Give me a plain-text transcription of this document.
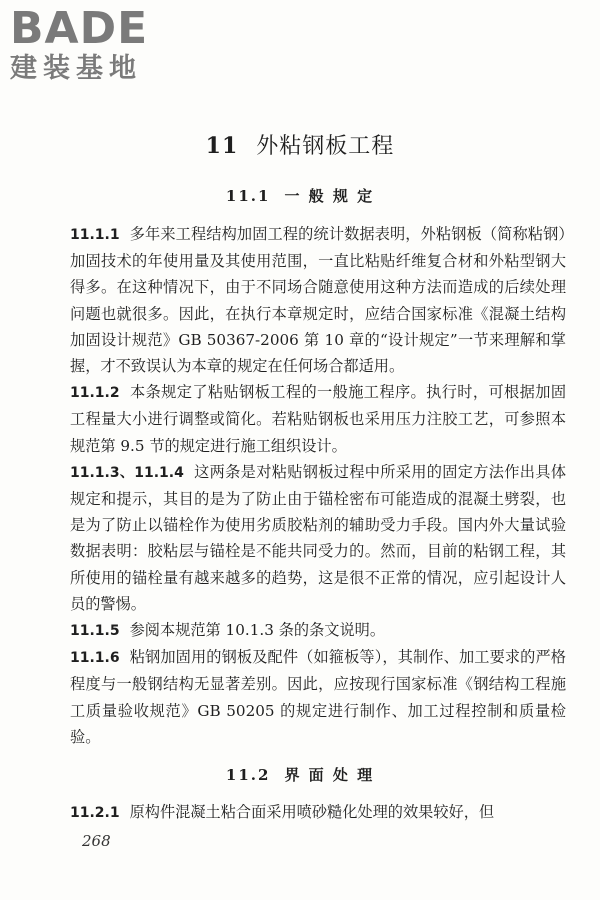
BADE
建装基地
11 外粘钢板工程
11.1 一 般 规 定

11.1.1 多年来工程结构加固工程的统计数据表明，外粘钢板（简称粘钢）加固技术的年使用量及其使用范围，一直比粘贴纤维复合材和外粘型钢大得多。在这种情况下，由于不同场合随意使用这种方法而造成的后续处理问题也就很多。因此，在执行本章规定时，应结合国家标准《混凝土结构加固设计规范》GB 50367-2006 第 10 章的“设计规定”一节来理解和掌握，才不致误认为本章的规定在任何场合都适用。

11.1.2 本条规定了粘贴钢板工程的一般施工程序。执行时，可根据加固工程量大小进行调整或简化。若粘贴钢板也采用压力注胶工艺，可参照本规范第 9.5 节的规定进行施工组织设计。

11.1.3、11.1.4 这两条是对粘贴钢板过程中所采用的固定方法作出具体规定和提示，其目的是为了防止由于锚栓密布可能造成的混凝土劈裂，也是为了防止以锚栓作为使用劣质胶粘剂的辅助受力手段。国内外大量试验数据表明：胶粘层与锚栓是不能共同受力的。然而，目前的粘钢工程，其所使用的锚栓量有越来越多的趋势，这是很不正常的情况，应引起设计人员的警惕。

11.1.5 参阅本规范第 10.1.3 条的条文说明。

11.1.6 粘钢加固用的钢板及配件（如箍板等），其制作、加工要求的严格程度与一般钢结构无显著差别。因此，应按现行国家标准《钢结构工程施工质量验收规范》GB 50205 的规定进行制作、加工过程控制和质量检验。

11.2 界 面 处 理

11.2.1 原构件混凝土粘合面采用喷砂糙化处理的效果较好，但

268
